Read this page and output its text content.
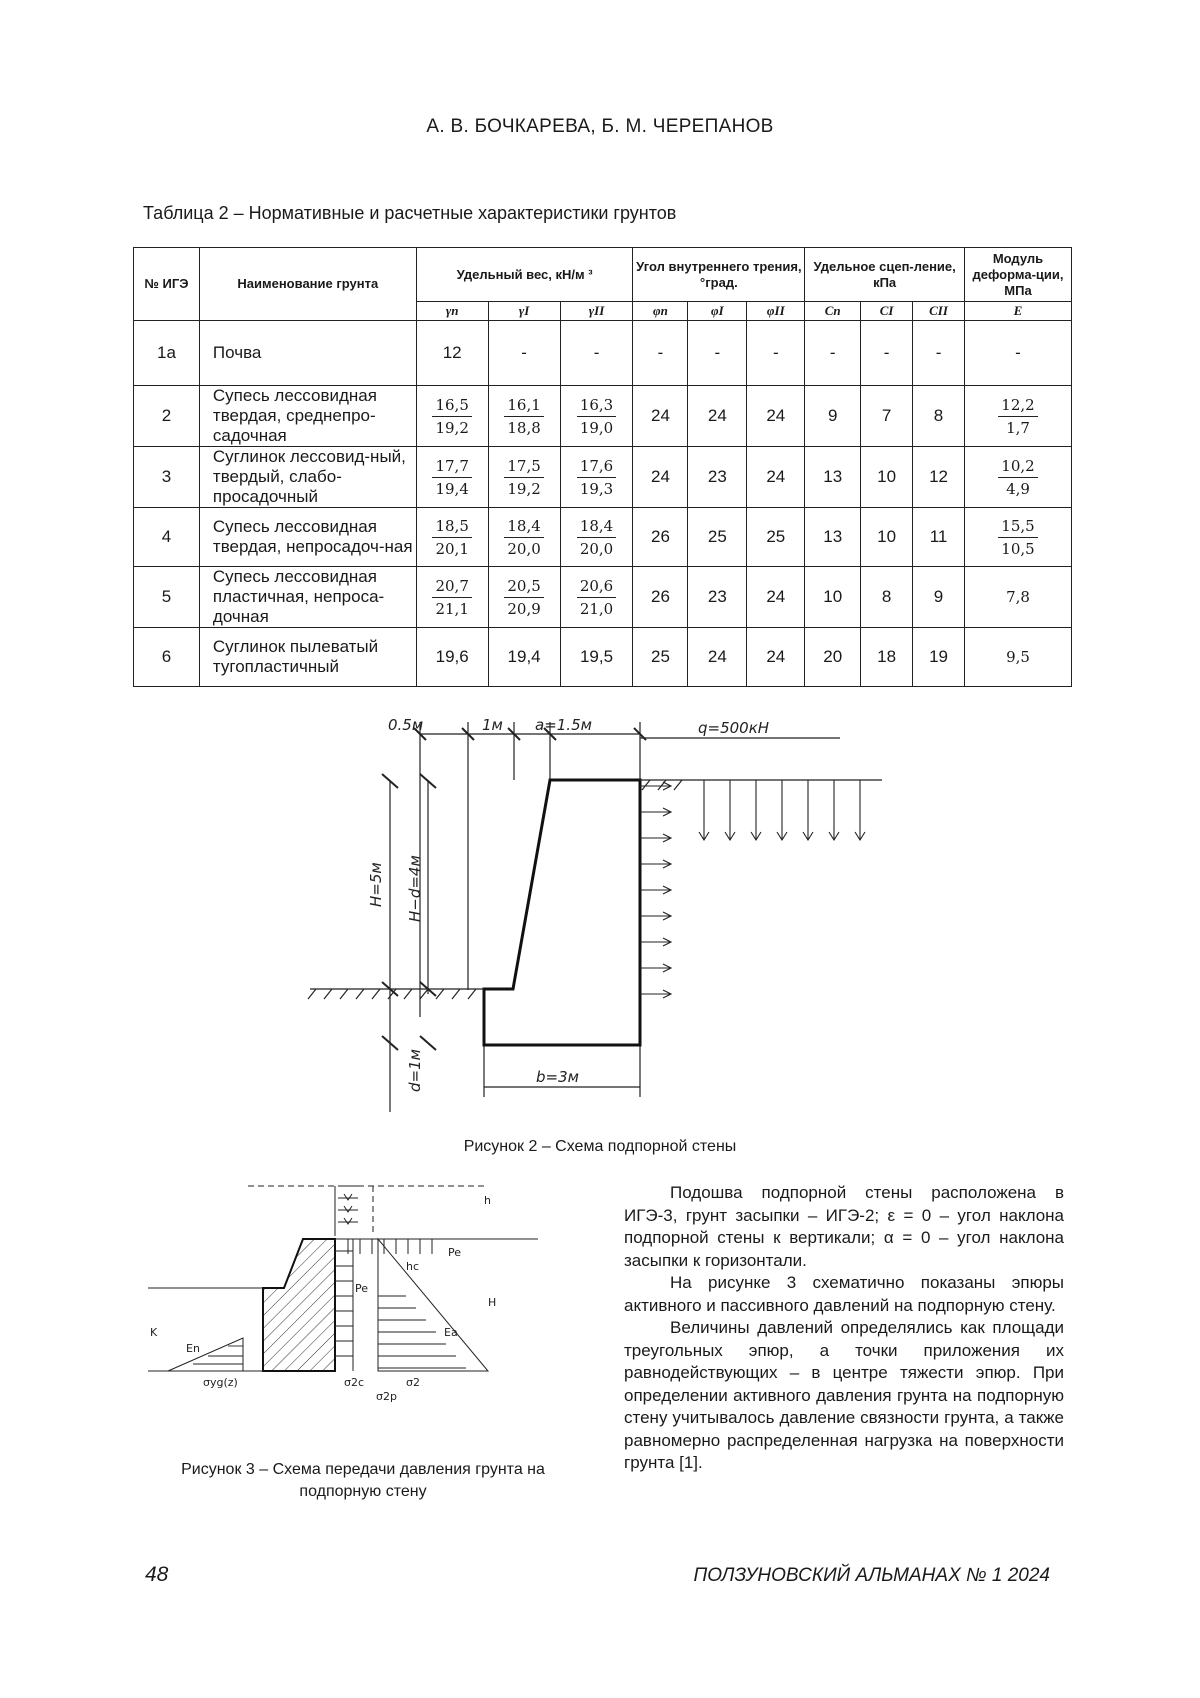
А. В. БОЧКАРЕВА, Б. М. ЧЕРЕПАНОВ
Таблица 2 – Нормативные и расчетные характеристики грунтов
№ ИГЭ	Наименование грунта	Удельный вес, кН/м ³			Угол внутреннего трения, °град.			Удельное сцеп-ление, кПа			Модуль деформа-ции, МПа
		γn	γI	γII	φn	φI	φII	Cn	CI	CII	E
1а	Почва	12	-	-	-	-	-	-	-	-	-
2	Супесь лессовидная твердая, среднепро-садочная	$\frac{16,5}{19,2}$	$\frac{16,1}{18,8}$	$\frac{16,3}{19,0}$	24	24	24	9	7	8	$\frac{12,2}{1,7}$

3	Суглинок лессовид-ный, твердый, слабо-просадочный	$\frac{17,7}{19,4}$	$\frac{17,5}{19,2}$	$\frac{17,6}{19,3}$	24	23	24	13	10	12	$\frac{10,2}{4,9}$

4	Супесь лессовидная твердая, непросадоч-ная	$\frac{18,5}{20,1}$	$\frac{18,4}{20,0}$	$\frac{18,4}{20,0}$	26	25	25	13	10	11	$\frac{15,5}{10,5}$

5	Супесь лессовидная пластичная, непроса-дочная	$\frac{20,7}{21,1}$	$\frac{20,5}{20,9}$	$\frac{20,6}{21,0}$	26	23	24	10	8	9	7,8
6	Суглинок пылеватый тугопластичный	19,6	19,4	19,5	25	24	24	20	18	19	9,5
0.5м	1м a=1.5м	q=500кН
H=5м H−d=4м
d=1м	b=3м
Рисунок 2 – Схема подпорной стены
h
hc
H
K
Pe
Pe
Ea
En
σyg(z)	σ2c	σ2
σ2p
Рисунок 3 – Схема передачи давления грунта на подпорную стену

Подошва подпорной стены расположена в ИГЭ-3, грунт засыпки – ИГЭ-2; ε = 0 – угол наклона подпорной стены к вертикали; α = 0 – угол наклона засыпки к горизонтали.

На рисунке 3 схематично показаны эпюры активного и пассивного давлений на подпорную стену.

Величины давлений определялись как площади треугольных эпюр, а точки приложения их равнодействующих – в центре тяжести эпюр. При определении активного давления грунта на подпорную стену учитывалось давление связности грунта, а также равномерно распределенная нагрузка на поверхности грунта [1].

48	ПОЛЗУНОВСКИЙ АЛЬМАНАХ № 1 2024
